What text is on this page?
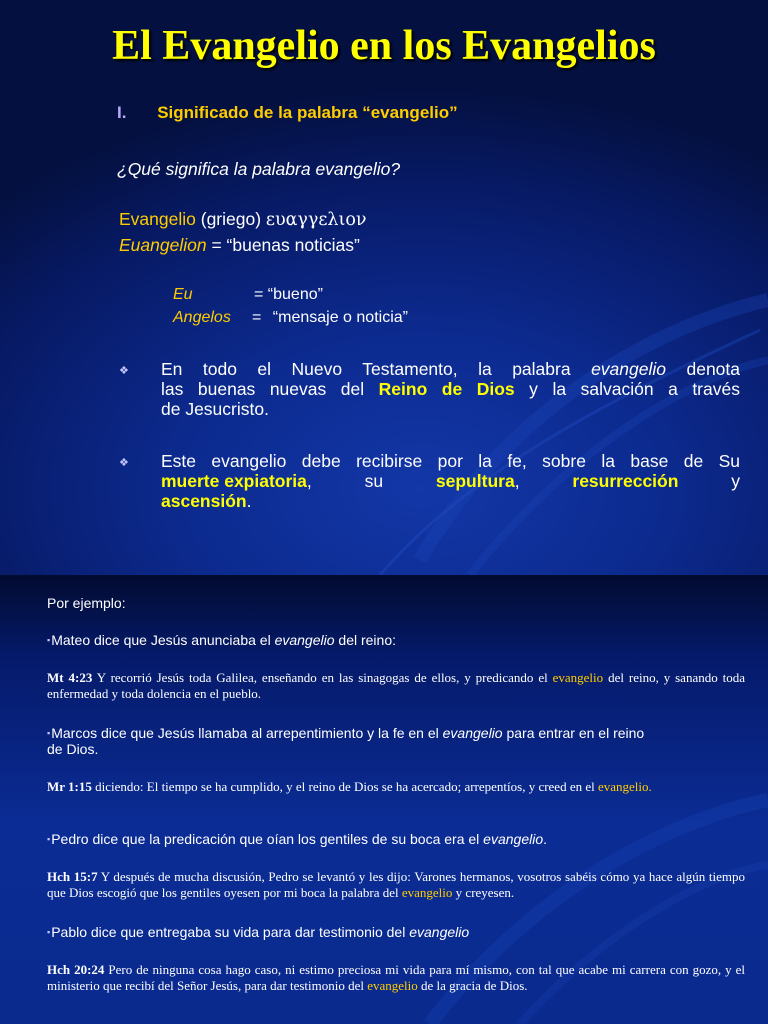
El Evangelio en los Evangelios
I. Significado de la palabra “evangelio”
¿Qué significa la palabra evangelio?
Evangelio (griego) ευαγγελιον
Euangelion = “buenas noticias”
Eu	= “bueno”
Angelos = “mensaje o noticia”
❖ En todo el Nuevo Testamento, la palabra evangelio denota
las buenas nuevas del Reino de Dios y la salvación a través
de Jesucristo.
❖ Este evangelio debe recibirse por la fe, sobre la base de Su
muerte expiatoria,	su	sepultura,	resurrección	y
ascensión.
Por ejemplo:
▪Mateo dice que Jesús anunciaba el evangelio del reino:
Mt 4:23 Y recorrió Jesús toda Galilea, enseñando en las sinagogas de ellos, y predicando el evangelio del reino, y sanando toda enfermedad y toda dolencia en el pueblo.
▪Marcos dice que Jesús llamaba al arrepentimiento y la fe en el evangelio para entrar en el reino
de Dios.
Mr 1:15 diciendo: El tiempo se ha cumplido, y el reino de Dios se ha acercado; arrepentíos, y creed en el evangelio.
▪Pedro dice que la predicación que oían los gentiles de su boca era el evangelio.
Hch 15:7 Y después de mucha discusión, Pedro se levantó y les dijo: Varones hermanos, vosotros sabéis cómo ya hace algún tiempo que Dios escogió que los gentiles oyesen por mi boca la palabra del evangelio y creyesen.
▪Pablo dice que entregaba su vida para dar testimonio del evangelio
Hch 20:24 Pero de ninguna cosa hago caso, ni estimo preciosa mi vida para mí mismo, con tal que acabe mi carrera con gozo, y el ministerio que recibí del Señor Jesús, para dar testimonio del evangelio de la gracia de Dios.
